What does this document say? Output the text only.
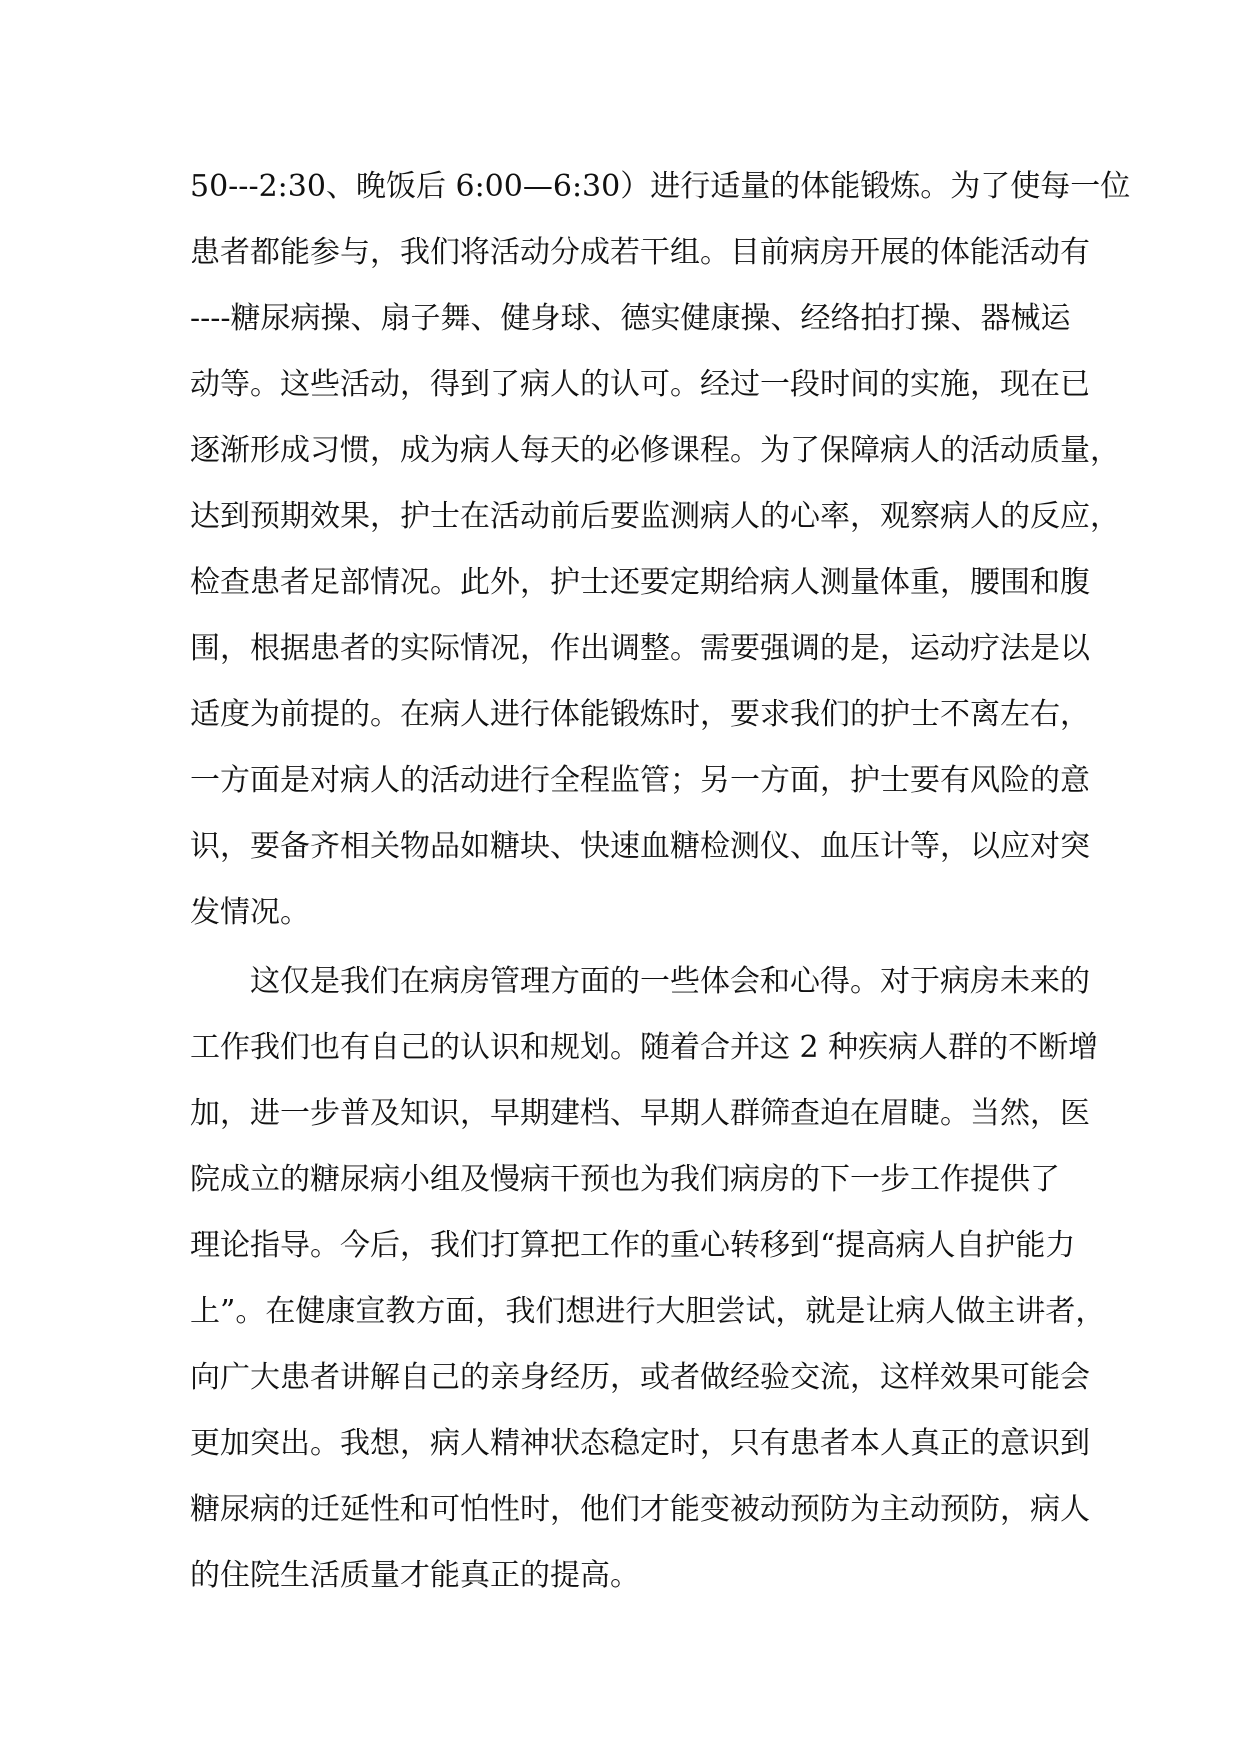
50---2:30、晚饭后 6:00—6:30）进行适量的体能锻炼。为了使每一位
患者都能参与，我们将活动分成若干组。目前病房开展的体能活动有
----糖尿病操、扇子舞、健身球、德实健康操、经络拍打操、器械运
动等。这些活动，得到了病人的认可。经过一段时间的实施，现在已
逐渐形成习惯，成为病人每天的必修课程。为了保障病人的活动质量，
达到预期效果，护士在活动前后要监测病人的心率，观察病人的反应，
检查患者足部情况。此外，护士还要定期给病人测量体重，腰围和腹
围，根据患者的实际情况，作出调整。需要强调的是，运动疗法是以
适度为前提的。在病人进行体能锻炼时，要求我们的护士不离左右，
一方面是对病人的活动进行全程监管；另一方面，护士要有风险的意
识，要备齐相关物品如糖块、快速血糖检测仪、血压计等，以应对突
发情况。
　　这仅是我们在病房管理方面的一些体会和心得。对于病房未来的
工作我们也有自己的认识和规划。随着合并这 2 种疾病人群的不断增
加，进一步普及知识，早期建档、早期人群筛查迫在眉睫。当然，医
院成立的糖尿病小组及慢病干预也为我们病房的下一步工作提供了
理论指导。今后，我们打算把工作的重心转移到“提高病人自护能力
上”。在健康宣教方面，我们想进行大胆尝试，就是让病人做主讲者，
向广大患者讲解自己的亲身经历，或者做经验交流，这样效果可能会
更加突出。我想，病人精神状态稳定时，只有患者本人真正的意识到
糖尿病的迁延性和可怕性时，他们才能变被动预防为主动预防，病人
的住院生活质量才能真正的提高。
